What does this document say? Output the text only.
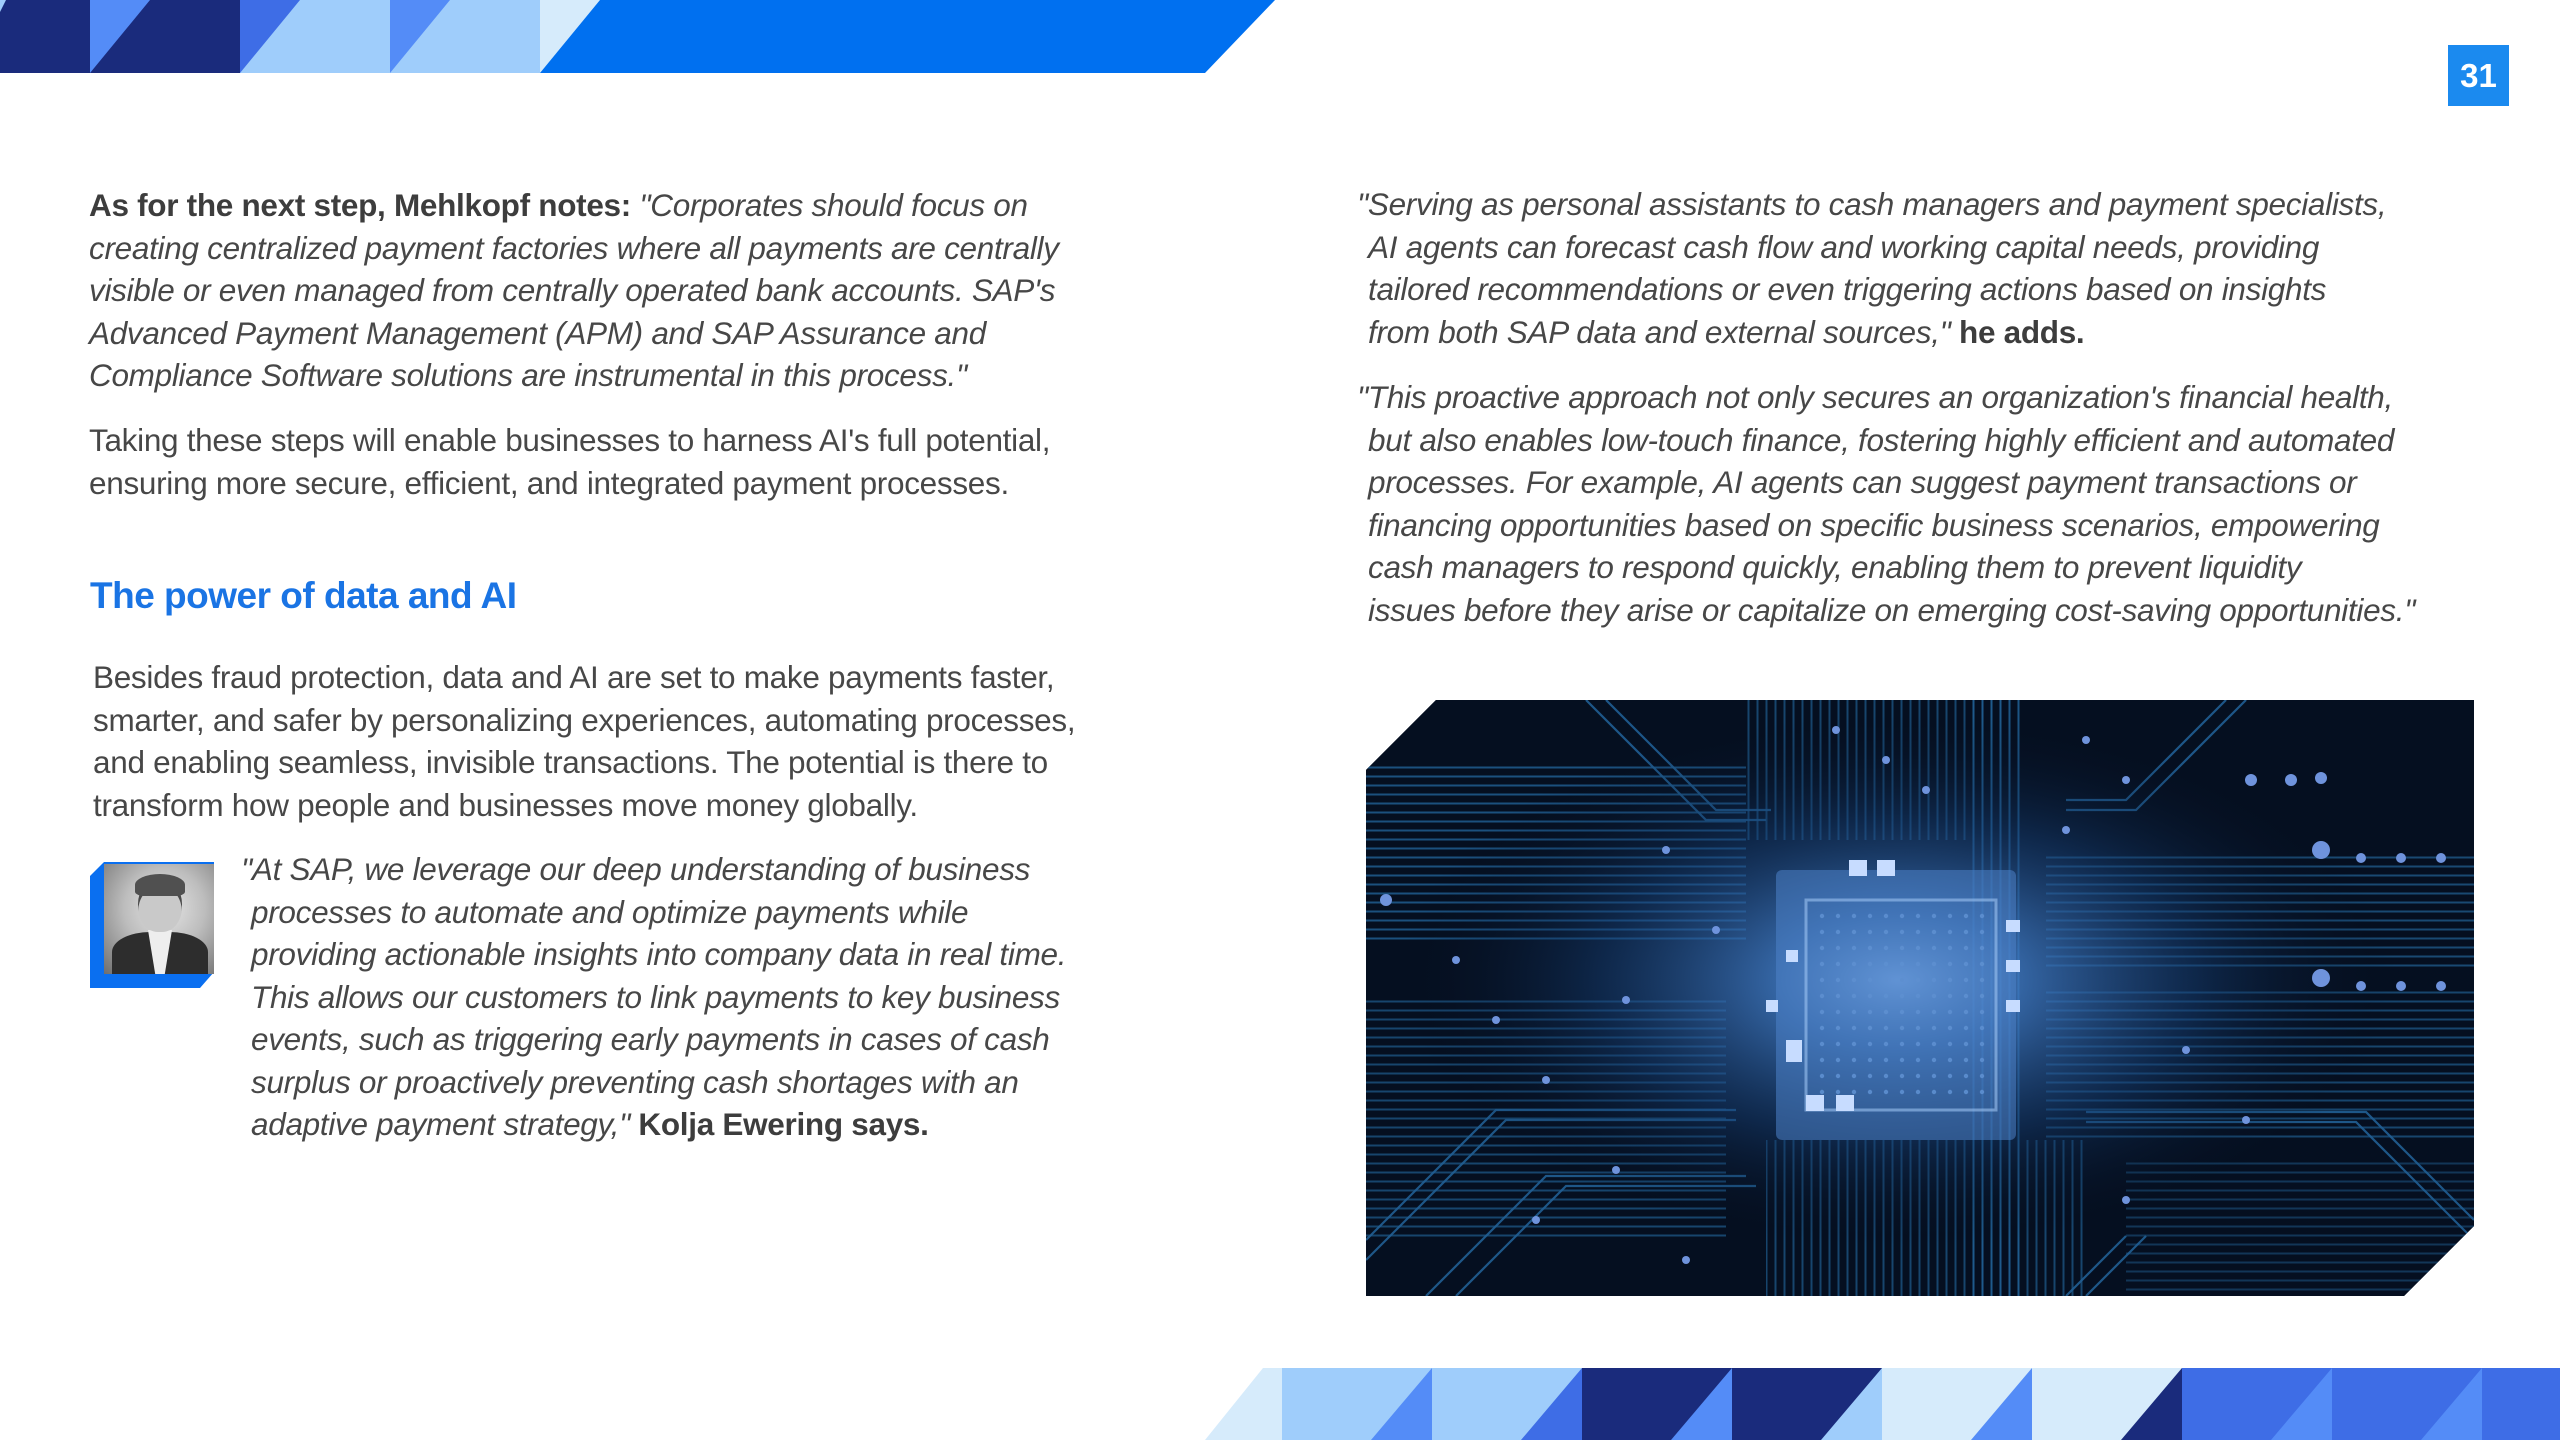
31
As for the next step, Mehlkopf notes: "Corporates should focus on
creating centralized payment factories where all payments are centrally
visible or even managed from centrally operated bank accounts. SAP's
Advanced Payment Management (APM) and SAP Assurance and
Compliance Software solutions are instrumental in this process."
Taking these steps will enable businesses to harness AI's full potential,
ensuring more secure, efficient, and integrated payment processes.
The power of data and AI
Besides fraud protection, data and AI are set to make payments faster,
smarter, and safer by personalizing experiences, automating processes,
and enabling seamless, invisible transactions. The potential is there to
transform how people and businesses move money globally.
"At SAP, we leverage our deep understanding of business
processes to automate and optimize payments while
providing actionable insights into company data in real time.
This allows our customers to link payments to key business
events, such as triggering early payments in cases of cash
surplus or proactively preventing cash shortages with an
adaptive payment strategy," Kolja Ewering says.
"Serving as personal assistants to cash managers and payment specialists,
AI agents can forecast cash flow and working capital needs, providing
tailored recommendations or even triggering actions based on insights
from both SAP data and external sources," he adds.
"This proactive approach not only secures an organization's financial health,
but also enables low-touch finance, fostering highly efficient and automated
processes. For example, AI agents can suggest payment transactions or
financing opportunities based on specific business scenarios, empowering
cash managers to respond quickly, enabling them to prevent liquidity
issues before they arise or capitalize on emerging cost-saving opportunities."
